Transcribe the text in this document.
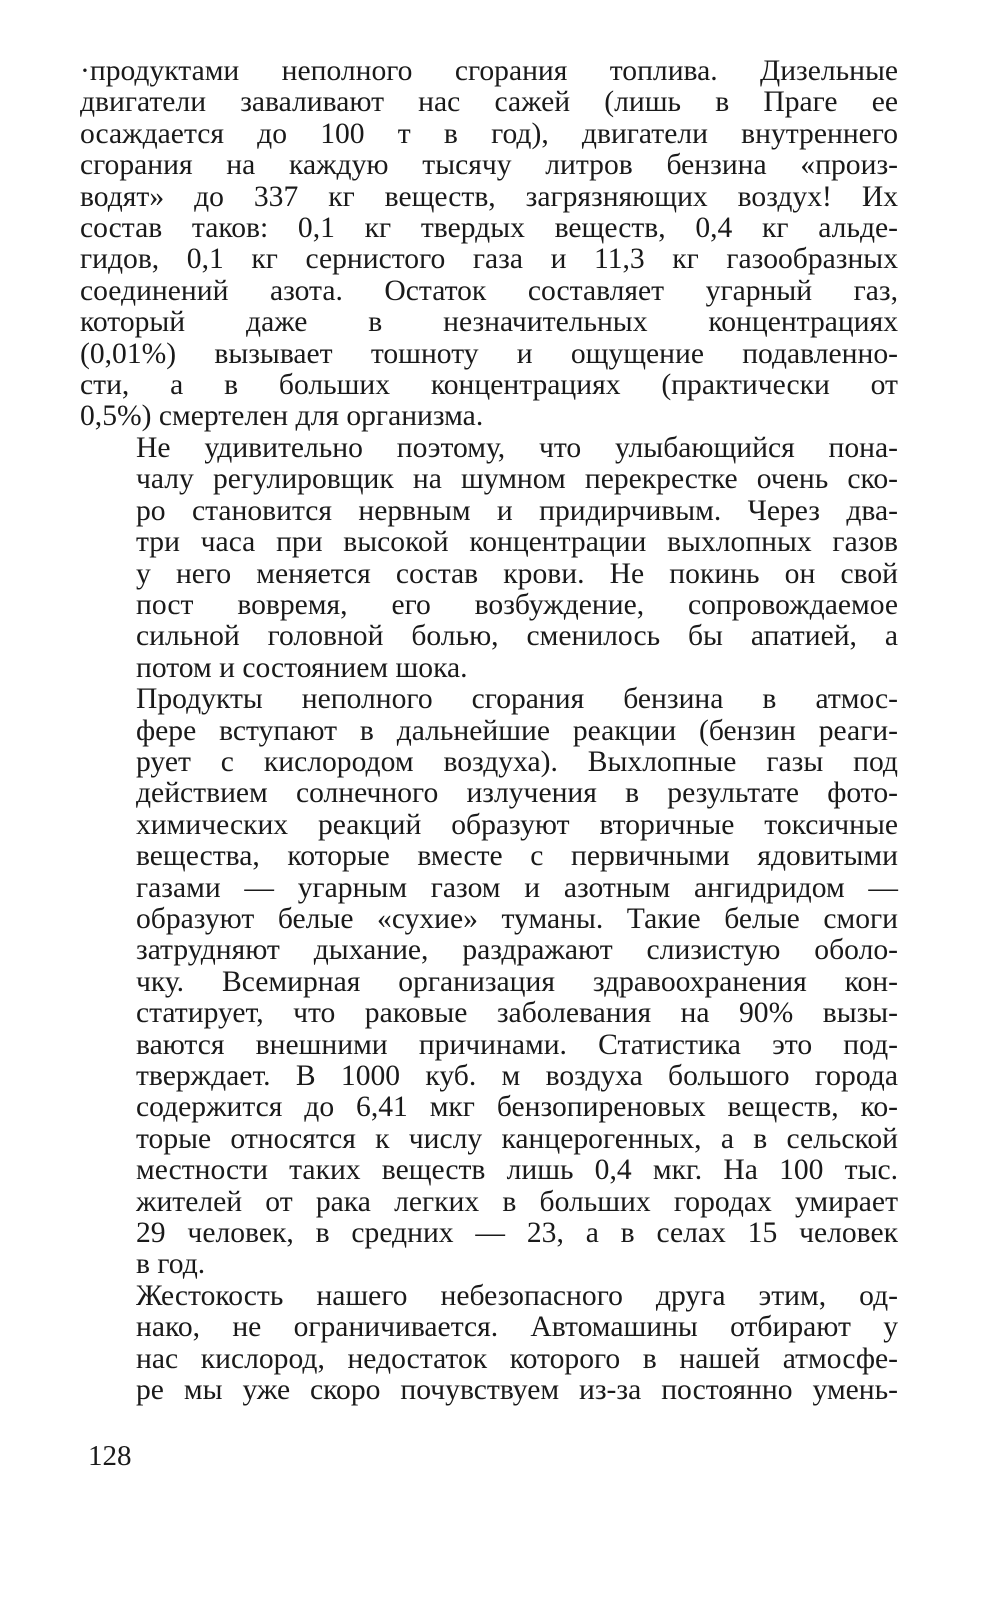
·продуктами неполного сгорания топлива. Дизельные
двигатели заваливают нас сажей (лишь в Праге ее
осаждается до 100 т в год), двигатели внутреннего
сгорания на каждую тысячу литров бензина «произ-
водят» до 337 кг веществ, загрязняющих воздух! Их
состав таков: 0,1 кг твердых веществ, 0,4 кг альде-
гидов, 0,1 кг сернистого газа и 11,3 кг газообразных
соединений азота. Остаток составляет угарный газ,
который даже в незначительных концентрациях
(0,01%) вызывает тошноту и ощущение подавленно-
сти, а в больших концентрациях (практически от
0,5%) смертелен для организма.

Не удивительно поэтому, что улыбающийся пона-
чалу регулировщик на шумном перекрестке очень ско-
ро становится нервным и придирчивым. Через два-
три часа при высокой концентрации выхлопных газов
у него меняется состав крови. Не покинь он свой
пост вовремя, его возбуждение, сопровождаемое
сильной головной болью, сменилось бы апатией, а
потом и состоянием шока.

Продукты неполного сгорания бензина в атмос-
фере вступают в дальнейшие реакции (бензин реаги-
рует с кислородом воздуха). Выхлопные газы под
действием солнечного излучения в результате фото-
химических реакций образуют вторичные токсичные
вещества, которые вместе с первичными ядовитыми
газами — угарным газом и азотным ангидридом —
образуют белые «сухие» туманы. Такие белые смоги
затрудняют дыхание, раздражают слизистую оболо-
чку. Всемирная организация здравоохранения кон-
статирует, что раковые заболевания на 90% вызы-
ваются внешними причинами. Статистика это под-
тверждает. В 1000 куб. м воздуха большого города
содержится до 6,41 мкг бензопиреновых веществ, ко-
торые относятся к числу канцерогенных, а в сельской
местности таких веществ лишь 0,4 мкг. На 100 тыс.
жителей от рака легких в больших городах умирает
29 человек, в средних — 23, а в селах 15 человек
в год.

Жестокость нашего небезопасного друга этим, од-
нако, не ограничивается. Автомашины отбирают у
нас кислород, недостаток которого в нашей атмосфе-
ре мы уже скоро почувствуем из-за постоянно умень-

128
